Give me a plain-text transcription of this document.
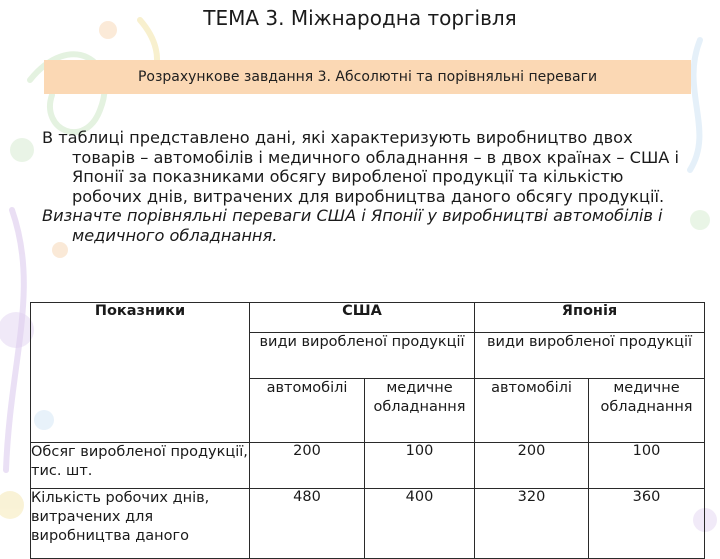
ТЕМА 3. Міжнародна торгівля
Розрахункове завдання 3. Абсолютні та порівняльні переваги

В таблиці представлено дані, які характеризують виробництво двох товарів – автомобілів і медичного обладнання – в двох країнах – США і Японії за показниками обсягу виробленої продукції та кількістю робочих днів, витрачених для виробництва даного обсягу продукції.

Визначте порівняльні переваги США і Японії у виробництві автомобілів і медичного обладнання.

Показники	США		Японія	
	види виробленої продукції		види виробленої продукції	
	автомобілі	медичне обладнання	автомобілі	медичне обладнання
Обсяг виробленої продукції, тис. шт.	200	100	200	100
Кількість робочих днів, витрачених для виробництва даного	480	400	320	360
